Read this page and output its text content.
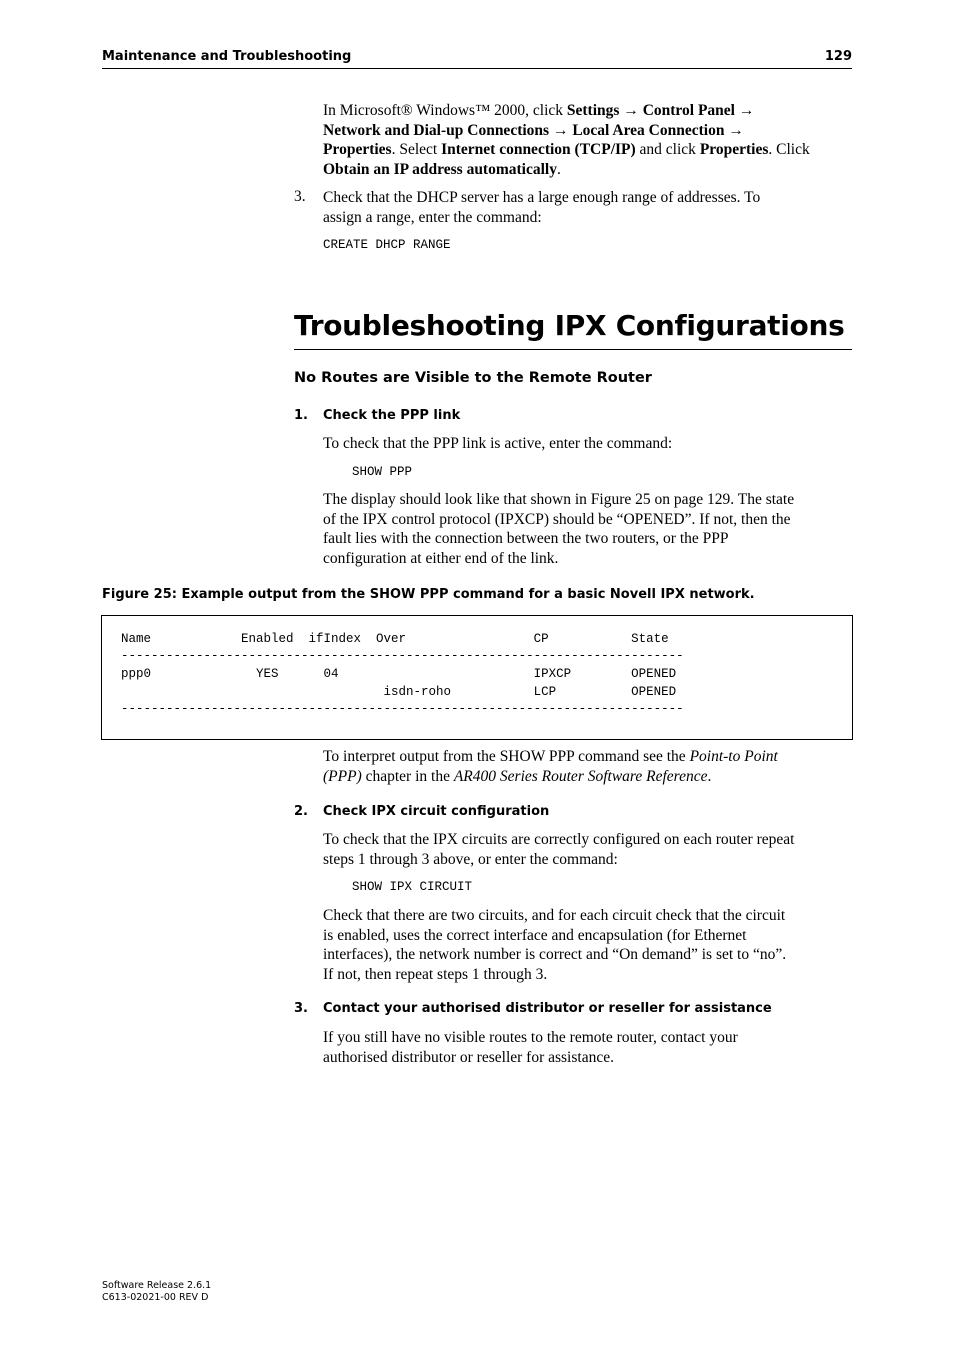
Maintenance and Troubleshooting	129
In Microsoft® Windows™ 2000, click Settings → Control Panel →
Network and Dial-up Connections → Local Area Connection →
Properties. Select Internet connection (TCP/IP) and click Properties. Click
Obtain an IP address automatically.
3. Check that the DHCP server has a large enough range of addresses. To
assign a range, enter the command:
CREATE DHCP RANGE
Troubleshooting IPX Configurations
No Routes are Visible to the Remote Router
1. Check the PPP link
To check that the PPP link is active, enter the command:
SHOW PPP
The display should look like that shown in Figure 25 on page 129. The state
of the IPX control protocol (IPXCP) should be “OPENED”. If not, then the
fault lies with the connection between the two routers, or the PPP
configuration at either end of the link.
Figure 25: Example output from the SHOW PPP command for a basic Novell IPX network.
Name            Enabled  ifIndex  Over                 CP           State
---------------------------------------------------------------------------
ppp0              YES      04                          IPXCP        OPENED
isdn-roho           LCP          OPENED
---------------------------------------------------------------------------
To interpret output from the SHOW PPP command see the Point-to Point
(PPP) chapter in the AR400 Series Router Software Reference.
2. Check IPX circuit configuration
To check that the IPX circuits are correctly configured on each router repeat
steps 1 through 3 above, or enter the command:
SHOW IPX CIRCUIT
Check that there are two circuits, and for each circuit check that the circuit
is enabled, uses the correct interface and encapsulation (for Ethernet
interfaces), the network number is correct and “On demand” is set to “no”.
If not, then repeat steps 1 through 3.
3. Contact your authorised distributor or reseller for assistance
If you still have no visible routes to the remote router, contact your
authorised distributor or reseller for assistance.
Software Release 2.6.1
C613-02021-00 REV D
